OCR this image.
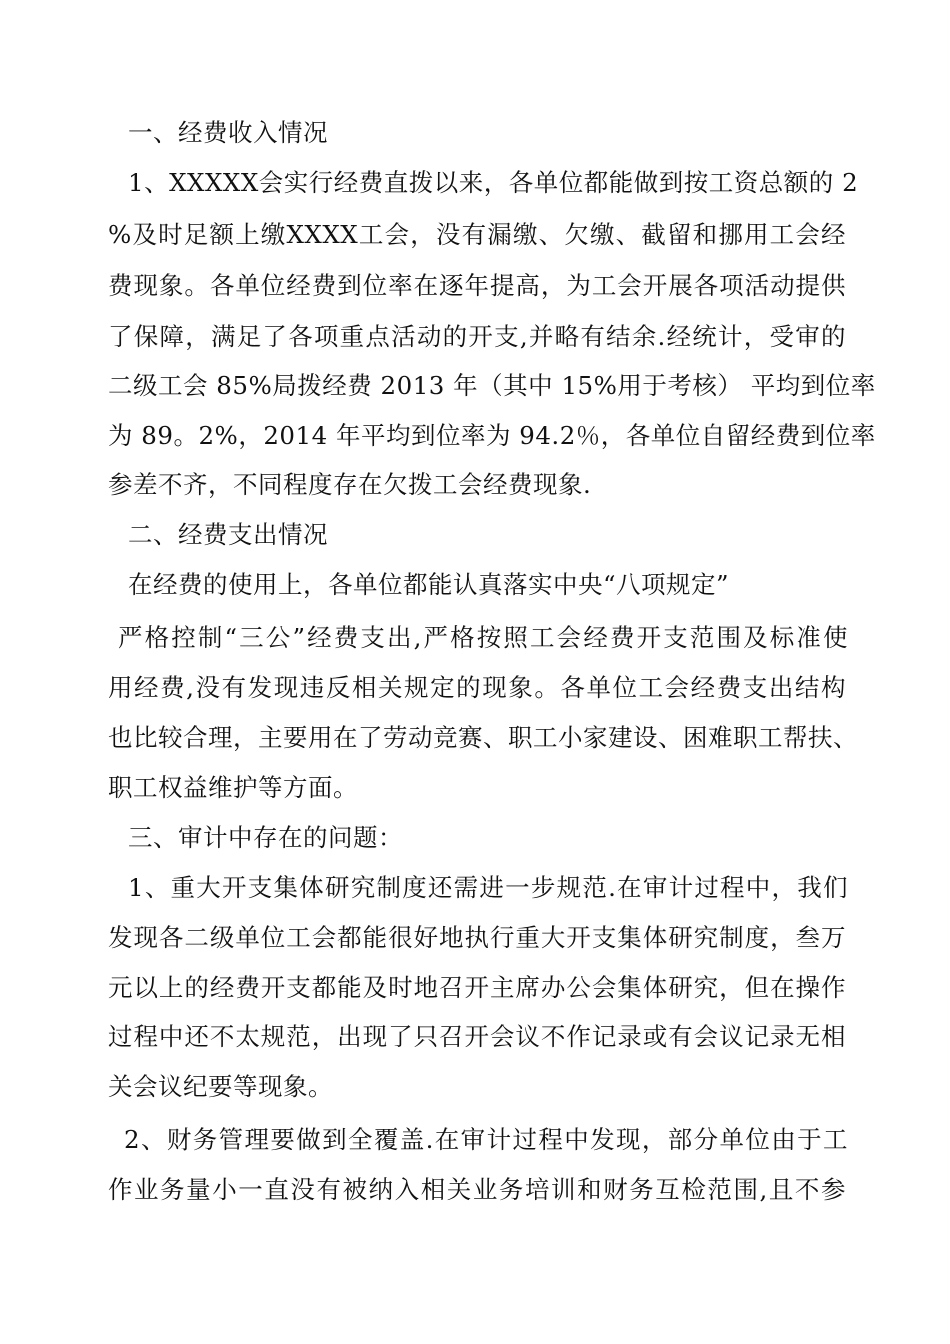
一、经费收入情况
1、XXXXX会实行经费直拨以来，各单位都能做到按工资总额的 2
%及时足额上缴XXXX工会，没有漏缴、欠缴、截留和挪用工会经
费现象。各单位经费到位率在逐年提高，为工会开展各项活动提供
了保障，满足了各项重点活动的开支,并略有结余.经统计，受审的
二级工会 85%局拨经费 2013 年（其中 15%用于考核） 平均到位率
为 89。2%，2014 年平均到位率为 94.2％，各单位自留经费到位率
参差不齐，不同程度存在欠拨工会经费现象.
二、经费支出情况
在经费的使用上，各单位都能认真落实中央“八项规定”
严格控制“三公”经费支出,严格按照工会经费开支范围及标准使
用经费,没有发现违反相关规定的现象。各单位工会经费支出结构
也比较合理，主要用在了劳动竞赛、职工小家建设、困难职工帮扶、
职工权益维护等方面。
三、审计中存在的问题：
1、重大开支集体研究制度还需进一步规范.在审计过程中，我们
发现各二级单位工会都能很好地执行重大开支集体研究制度，叁万
元以上的经费开支都能及时地召开主席办公会集体研究，但在操作
过程中还不太规范，出现了只召开会议不作记录或有会议记录无相
关会议纪要等现象。
2、财务管理要做到全覆盖.在审计过程中发现，部分单位由于工
作业务量小一直没有被纳入相关业务培训和财务互检范围,且不参
